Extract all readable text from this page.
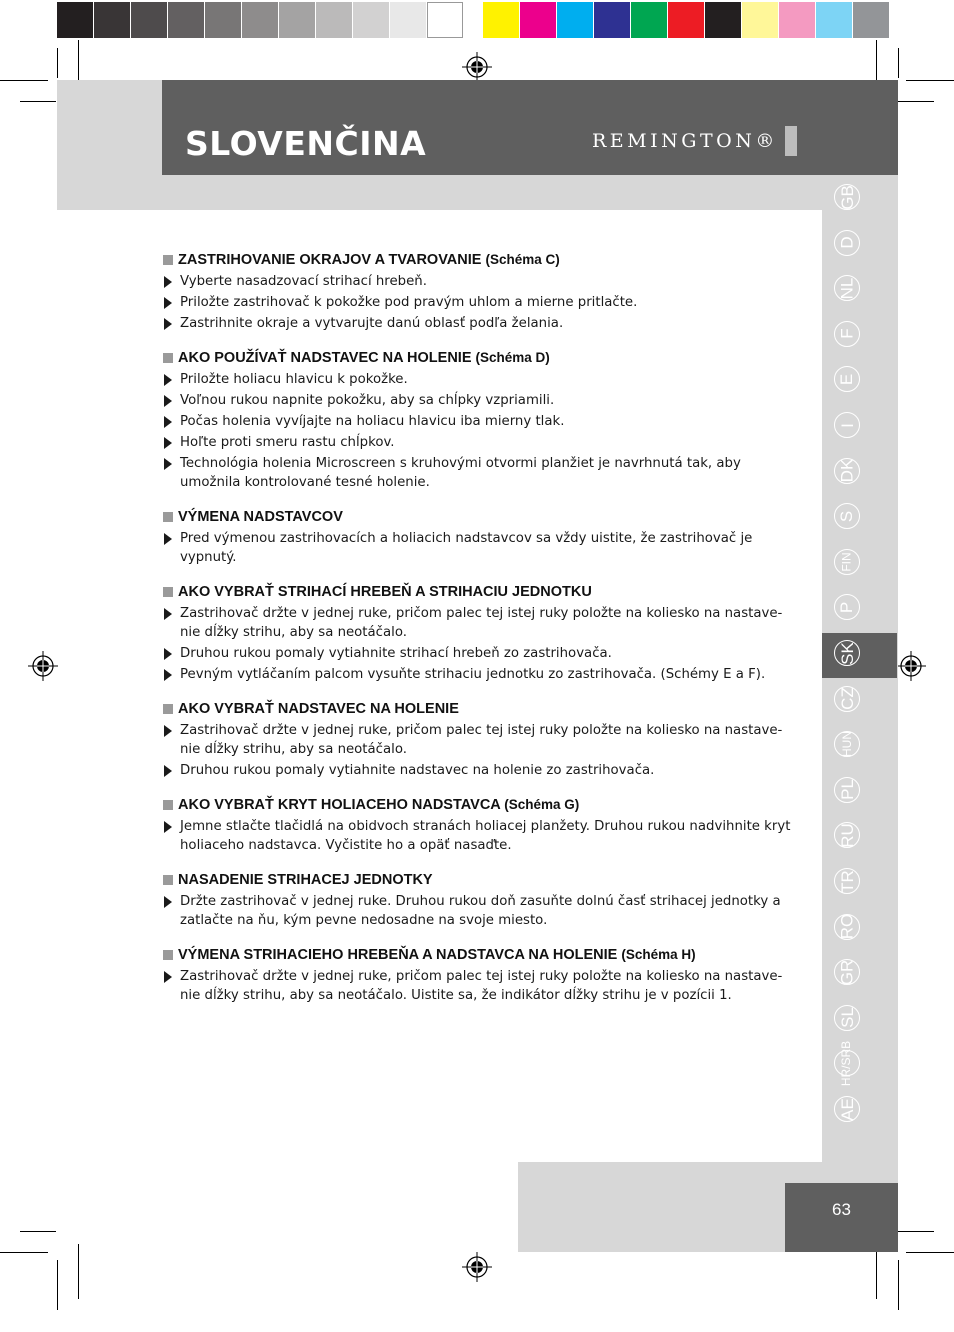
SLOVENČINA	REMINGTON®
GB
D
NL
F
E
I
DK
S
FIN
P
SK
CZ
HUN
PL
RU
TR
RO
GR
SL
HR/SRB
AE
ZASTRIHOVANIE OKRAJOV A TVAROVANIE (Schéma C)
Vyberte nasadzovací strihací hrebeň.
Priložte zastrihovač k pokožke pod pravým uhlom a mierne pritlačte.
Zastrihnite okraje a vytvarujte danú oblasť podľa želania.
AKO POUŽÍVAŤ NADSTAVEC NA HOLENIE (Schéma D)
Priložte holiacu hlavicu k pokožke.
Voľnou rukou napnite pokožku, aby sa chĺpky vzpriamili.
Počas holenia vyvíjajte na holiacu hlavicu iba mierny tlak.
Hoľte proti smeru rastu chĺpkov.
Technológia holenia Microscreen s kruhovými otvormi planžiet je navrhnutá tak, aby umožnila kontrolované tesné holenie.
VÝMENA NADSTAVCOV
Pred výmenou zastrihovacích a holiacich nadstavcov sa vždy uistite, že zastrihovač je vypnutý.
AKO VYBRAŤ STRIHACÍ HREBEŇ A STRIHACIU JEDNOTKU
Zastrihovač držte v jednej ruke, pričom palec tej istej ruky položte na koliesko na nastave-nie dĺžky strihu, aby sa neotáčalo.
Druhou rukou pomaly vytiahnite strihací hrebeň zo zastrihovača.
Pevným vytláčaním palcom vysuňte strihaciu jednotku zo zastrihovača. (Schémy E a F).
AKO VYBRAŤ NADSTAVEC NA HOLENIE
Zastrihovač držte v jednej ruke, pričom palec tej istej ruky položte na koliesko na nastave-nie dĺžky strihu, aby sa neotáčalo.
Druhou rukou pomaly vytiahnite nadstavec na holenie zo zastrihovača.
AKO VYBRAŤ KRYT HOLIACEHO NADSTAVCA (Schéma G)
Jemne stlačte tlačidlá na obidvoch stranách holiacej planžety. Druhou rukou nadvihnite kryt holiaceho nadstavca. Vyčistite ho a opäť nasaďte.
NASADENIE STRIHACEJ JEDNOTKY
Držte zastrihovač v jednej ruke. Druhou rukou doň zasuňte dolnú časť strihacej jednotky a zatlačte na ňu, kým pevne nedosadne na svoje miesto.
VÝMENA STRIHACIEHO HREBEŇA A NADSTAVCA NA HOLENIE (Schéma H)
Zastrihovač držte v jednej ruke, pričom palec tej istej ruky položte na koliesko na nastave-nie dĺžky strihu, aby sa neotáčalo. Uistite sa, že indikátor dĺžky strihu je v pozícii 1.
63
